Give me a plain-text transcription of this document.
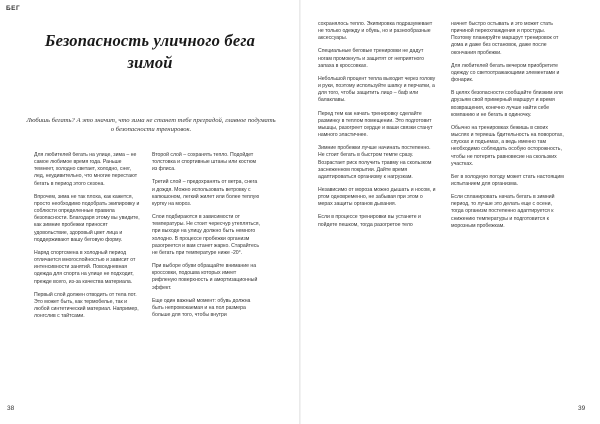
БЕГ
Безопасность уличного бега зимой

Любишь бегать? А это значит, что зима не станет тебе преградой, главное подумать о безопасности тренировок.

Для любителей бегать на улице, зима – не самое любимое время года. Раньше темнеет, холодно светает, холодно, снег, лед, неудивительно, что многие перестают бегать в период этого сезона.

Впрочем, зима не так плоха, как кажется, просто необходимо подобрать экипировку и соблюсти определенные правила безопасности. Благодаря этому вы увидите, как зимние пробежки приносят удовольствие, здоровый цвет лица и поддерживают вашу беговую форму.

Наряд спортсмена в холодный период отличается многослойностью и зависит от интенсивности занятий. Повседневная одежда для спорта на улице не подходит, прежде всего, из-за качества материала.

Первый слой должен отводить от тела пот. Это может быть, как термобелье, так и любой синтетический материал. Например, лонгслив с тайтсами.

Второй слой – сохранять тепло. Подойдет толстовка и спортивные штаны или костюм из флиса.

Третий слой – предохранять от ветра, снега и дождя. Можно использовать ветровку с капюшоном, легкий жилет или более теплую куртку на мороз.

Слои подбираются в зависимости от температуры. Не стоит чересчур утепляться, при выходе на улицу должно быть немного холодно. В процессе пробежки организм разогреется и вам станет жарко. Старайтесь не бегать при температуре ниже -20°.

При выборе обуви обращайте внимание на кроссовки, подошва которых имеет рифленую поверхность и амортизационный эффект.

Еще один важный момент: обувь должна быть непромокаемая и на пол размера больше для того, чтобы внутри

сохранялось тепло. Экипировка подразумевает не только одежду и обувь, но и разнообразные аксессуары.

Специальные беговые тренировки не дадут ногам промокнуть и защитят от неприятного запаха в кроссовках.

Небольшой процент тепла выходит через голову и руки, поэтому используйте шапку и перчатки, а для того, чтобы защитить лицо – баф или балаклавы.

Перед тем как начать тренировку сделайте разминку в теплом помещении. Это подготовит мышцы, разогреет сердце и ваши связки станут намного эластичнее.

Зимние пробежки лучше начинать постепенно. Не стоит бегать в быстром темпе сразу. Возрастает риск получить травму на скользком заснеженном покрытии. Дайте время адаптироваться организму к нагрузкам.

Независимо от мороза можно дышать и носом, и ртом одновременно, не забывая при этом о мерах защиты органов дыхания.

Если в процессе тренировки вы устанете и пойдете пешком, тогда разогретое тело

начнет быстро остывать и это может стать причиной переохлаждения и простуды. Поэтому планируйте маршрут тренировок от дома и даже без остановок, даже после окончания пробежки.

Для любителей бегать вечером приобретите одежду со светоотражающими элементами и фонарик.

В целях безопасности сообщайте близким или друзьям свой примерный маршрут и время возвращения, конечно лучше найти себе компанию и не бегать в одиночку.

Обычно на тренировках бежишь в своих мыслях и теряешь бдительность на поворотах, спусках и подъемах, а ведь именно там необходимо соблюдать особую осторожность, чтобы не потерять равновесие на скользких участках.

Бег в холодную погоду может стать настоящим испытанием для организма.

Если спланировать начать бегать в зимний период, то лучше это делать еще с осени, тогда организм постепенно адаптируется к снижению температуры и подготовится к морозным пробежкам.

38	39
